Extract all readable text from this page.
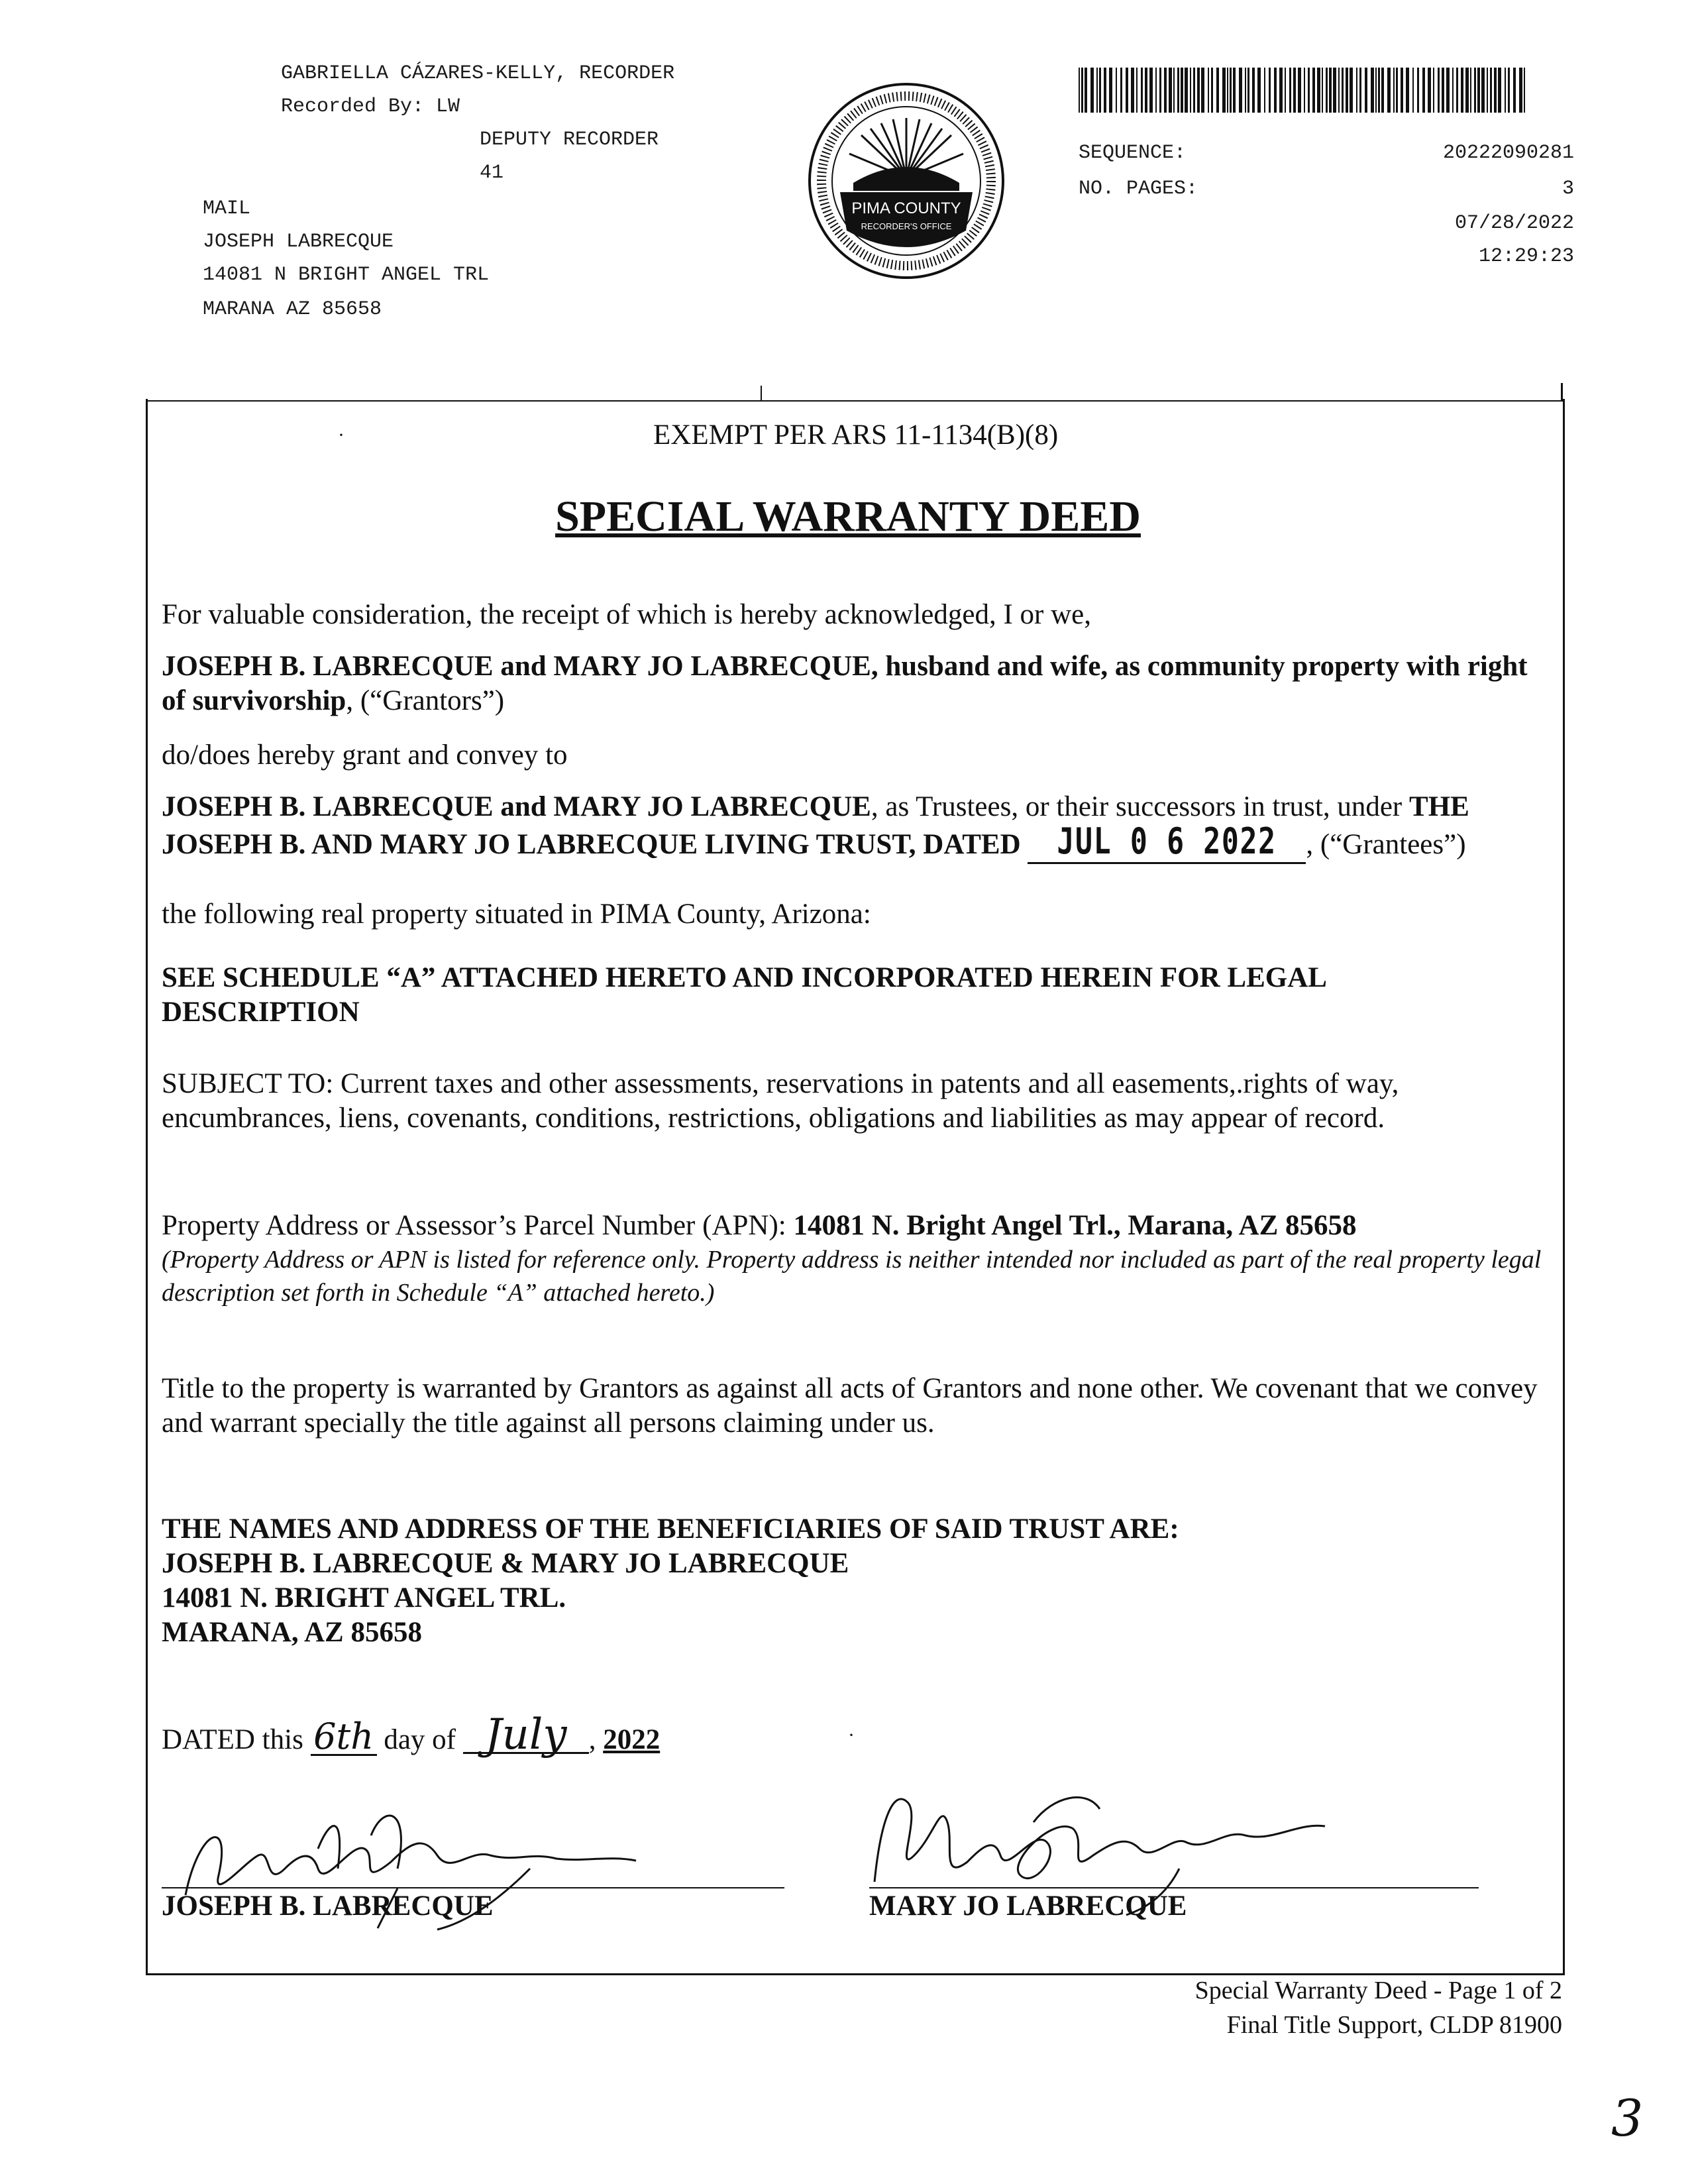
GABRIELLA CÁZARES-KELLY, RECORDER
Recorded By: LW
DEPUTY RECORDER
41
MAIL
JOSEPH LABRECQUE
14081 N BRIGHT ANGEL TRL
MARANA AZ 85658
PIMA COUNTY
RECORDER'S OFFICE
SEQUENCE:	20222090281
NO. PAGES:	3
07/28/2022
12:29:23
·	EXEMPT PER ARS 11-1134(B)(8)
SPECIAL WARRANTY DEED
For valuable consideration, the receipt of which is hereby acknowledged, I or we,
JOSEPH B. LABRECQUE and MARY JO LABRECQUE, husband and wife, as community property with right of survivorship, (“Grantors”)
do/does hereby grant and convey to
JOSEPH B. LABRECQUE and MARY JO LABRECQUE, as Trustees, or their successors in trust, under THE
JOSEPH B. AND MARY JO LABRECQUE LIVING TRUST, DATED JUL 0 6 2022 , (“Grantees”)
the following real property situated in PIMA County, Arizona:
SEE SCHEDULE “A” ATTACHED HERETO AND INCORPORATED HEREIN FOR LEGAL DESCRIPTION
SUBJECT TO: Current taxes and other assessments, reservations in patents and all easements,.rights of way, encumbrances, liens, covenants, conditions, restrictions, obligations and liabilities as may appear of record.
Property Address or Assessor’s Parcel Number (APN): 14081 N. Bright Angel Trl., Marana, AZ 85658
(Property Address or APN is listed for reference only. Property address is neither intended nor included as part of the real property legal description set forth in Schedule “A” attached hereto.)
Title to the property is warranted by Grantors as against all acts of Grantors and none other. We covenant that we convey and warrant specially the title against all persons claiming under us.
THE NAMES AND ADDRESS OF THE BENEFICIARIES OF SAID TRUST ARE:
JOSEPH B. LABRECQUE & MARY JO LABRECQUE
14081 N. BRIGHT ANGEL TRL.
MARANA, AZ 85658
DATED this 6th day of July , 2022	·
JOSEPH B. LABRECQUE	MARY JO LABRECQUE
Special Warranty Deed - Page 1 of 2
Final Title Support, CLDP 81900
3
